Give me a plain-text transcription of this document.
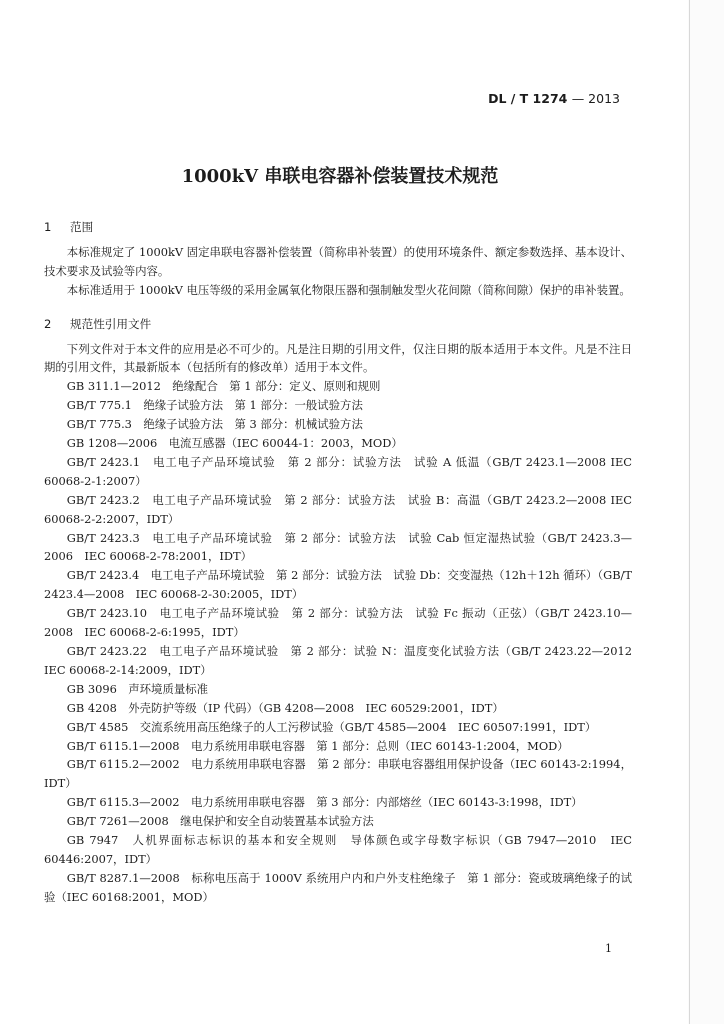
DL / T 1274 — 2013
1000kV 串联电容器补偿装置技术规范
1 范围

本标准规定了 1000kV 固定串联电容器补偿装置（简称串补装置）的使用环境条件、额定参数选择、基本设计、技术要求及试验等内容。

本标准适用于 1000kV 电压等级的采用金属氧化物限压器和强制触发型火花间隙（简称间隙）保护的串补装置。

2 规范性引用文件

下列文件对于本文件的应用是必不可少的。凡是注日期的引用文件，仅注日期的版本适用于本文件。凡是不注日期的引用文件，其最新版本（包括所有的修改单）适用于本文件。

GB 311.1—2012　绝缘配合　第 1 部分：定义、原则和规则

GB/T 775.1　绝缘子试验方法　第 1 部分：一般试验方法

GB/T 775.3　绝缘子试验方法　第 3 部分：机械试验方法

GB 1208—2006　电流互感器（IEC 60044-1：2003，MOD）

GB/T 2423.1　电工电子产品环境试验　第 2 部分：试验方法　试验 A 低温（GB/T 2423.1—2008 IEC 60068-2-1:2007）

GB/T 2423.2　电工电子产品环境试验　第 2 部分：试验方法　试验 B：高温（GB/T 2423.2—2008 IEC 60068-2-2:2007，IDT）

GB/T 2423.3　电工电子产品环境试验　第 2 部分：试验方法　试验 Cab 恒定湿热试验（GB/T 2423.3—2006　IEC 60068-2-78:2001，IDT）

GB/T 2423.4　电工电子产品环境试验　第 2 部分：试验方法　试验 Db：交变湿热（12h＋12h 循环）（GB/T 2423.4—2008　IEC 60068-2-30:2005，IDT）

GB/T 2423.10　电工电子产品环境试验　第 2 部分：试验方法　试验 Fc 振动（正弦）（GB/T 2423.10—2008　IEC 60068-2-6:1995，IDT）

GB/T 2423.22　电工电子产品环境试验　第 2 部分：试验 N：温度变化试验方法（GB/T 2423.22—2012　IEC 60068-2-14:2009，IDT）

GB 3096　声环境质量标准

GB 4208　外壳防护等级（IP 代码）（GB 4208—2008　IEC 60529:2001，IDT）

GB/T 4585　交流系统用高压绝缘子的人工污秽试验（GB/T 4585—2004　IEC 60507:1991，IDT）

GB/T 6115.1—2008　电力系统用串联电容器　第 1 部分：总则（IEC 60143-1:2004，MOD）

GB/T 6115.2—2002　电力系统用串联电容器　第 2 部分：串联电容器组用保护设备（IEC 60143-2:1994，IDT）

GB/T 6115.3—2002　电力系统用串联电容器　第 3 部分：内部熔丝（IEC 60143-3:1998，IDT）

GB/T 7261—2008　继电保护和安全自动装置基本试验方法

GB 7947　人机界面标志标识的基本和安全规则　导体颜色或字母数字标识（GB 7947—2010　IEC 60446:2007，IDT）

GB/T 8287.1—2008　标称电压高于 1000V 系统用户内和户外支柱绝缘子　第 1 部分：瓷或玻璃绝缘子的试验（IEC 60168:2001，MOD）

1
